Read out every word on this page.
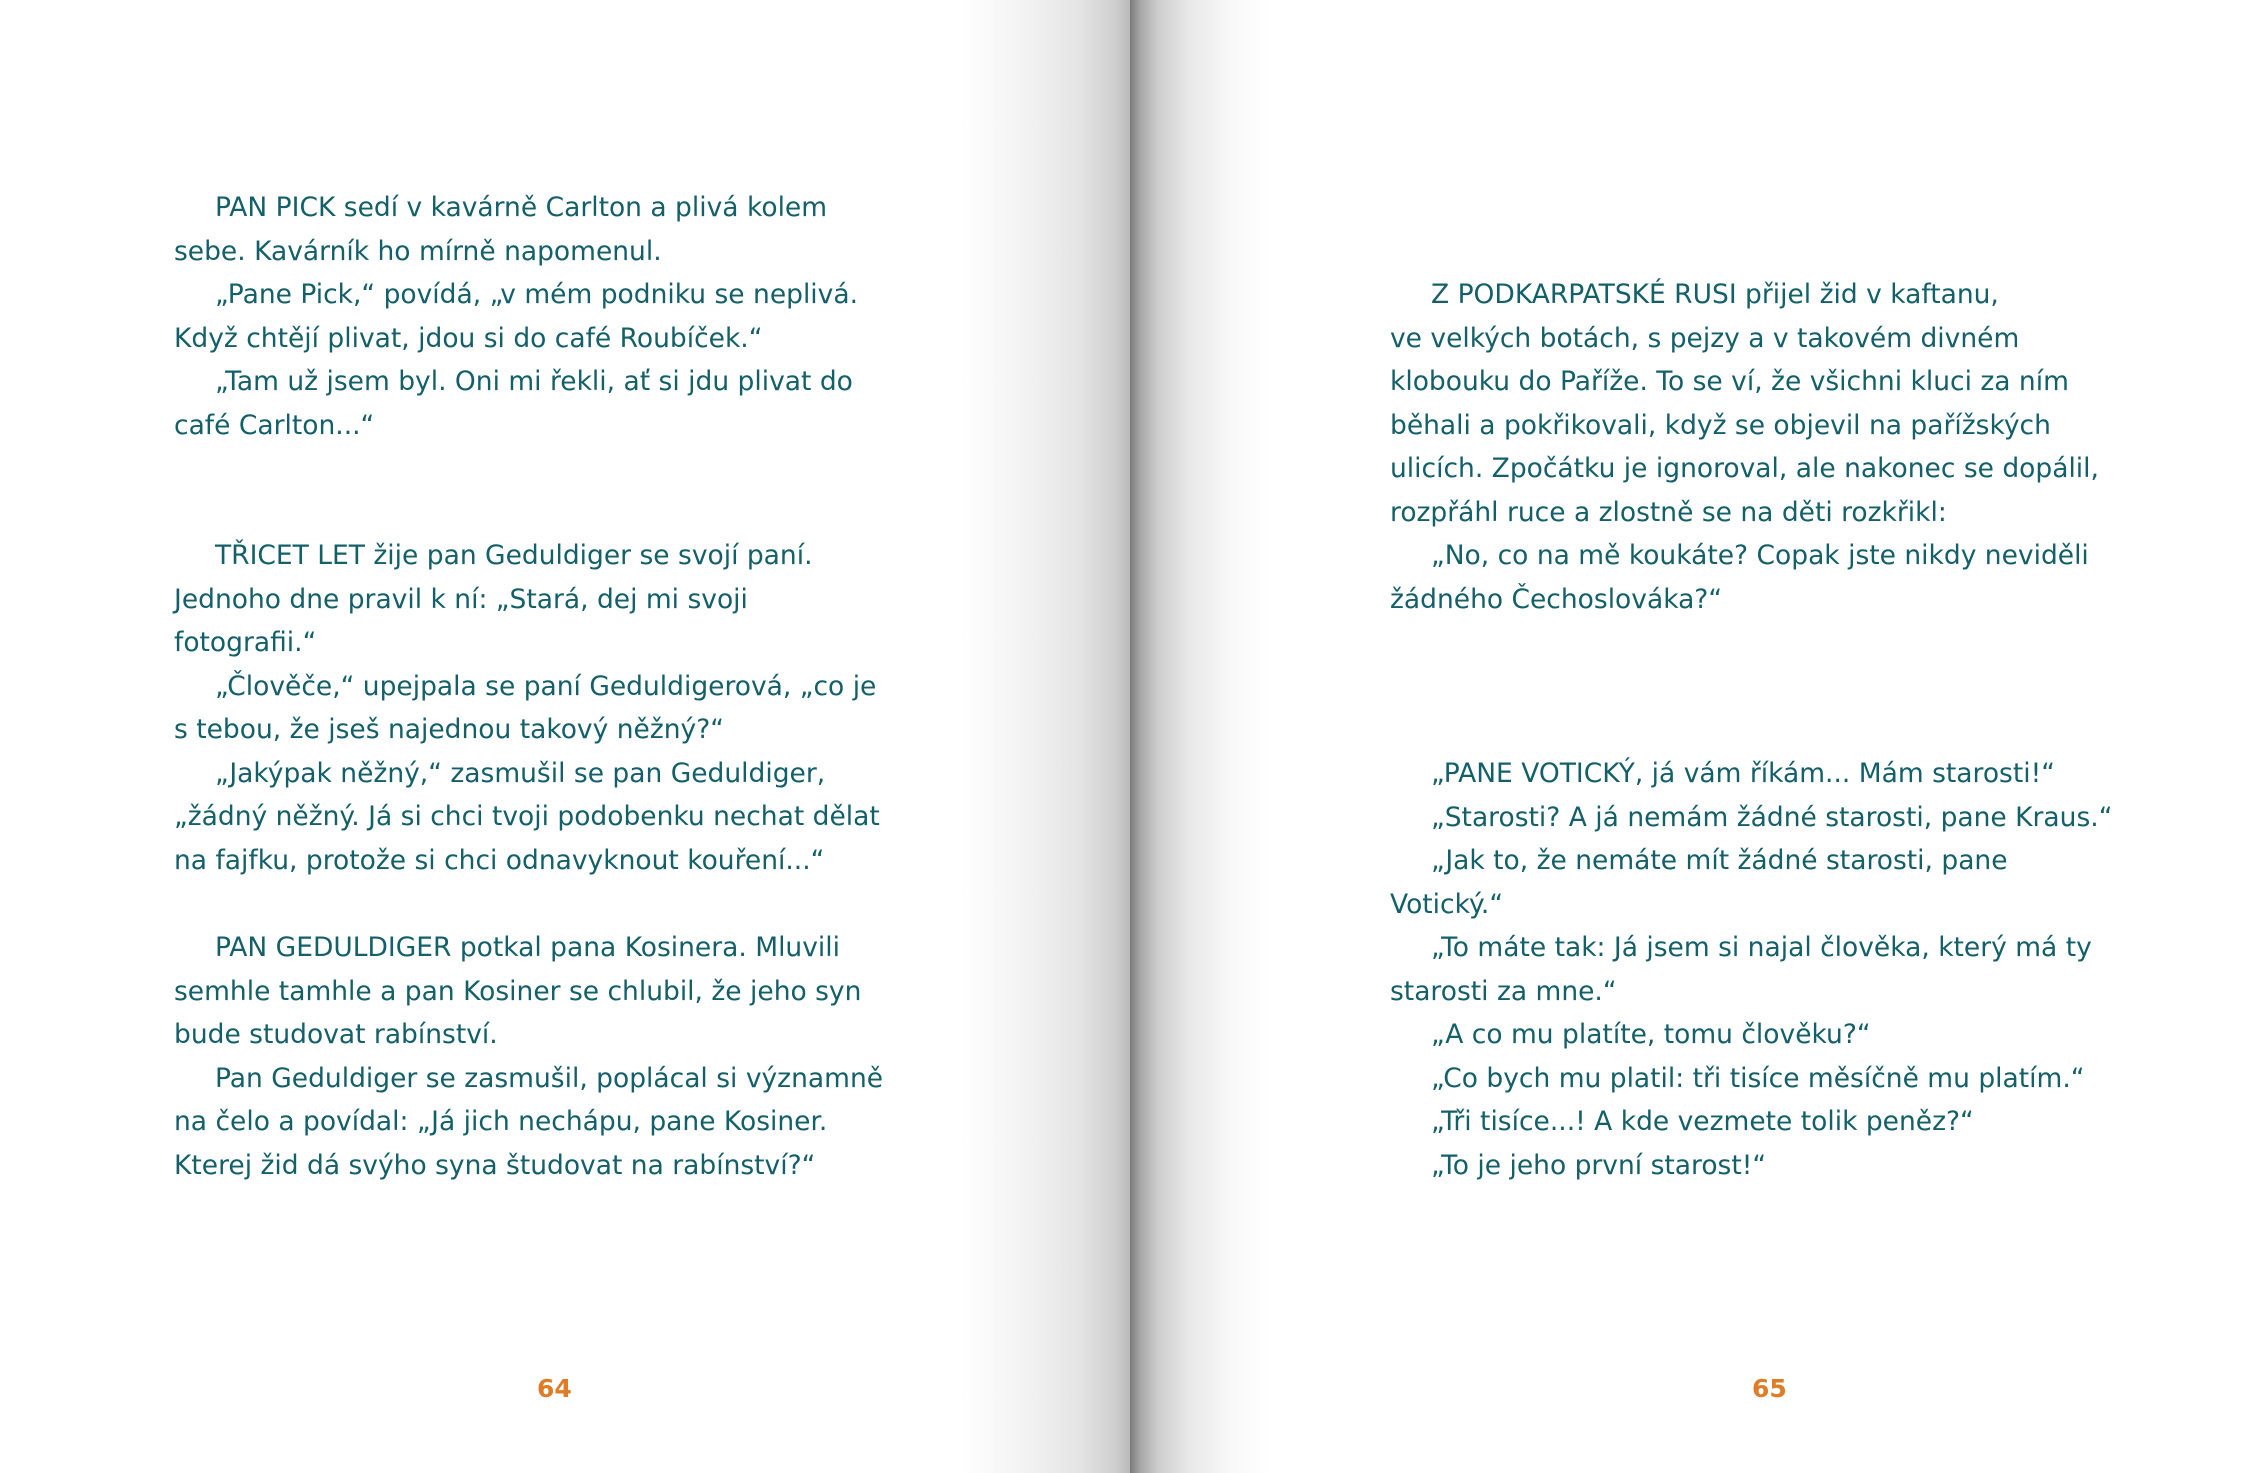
PAN PICK sedí v kavárně Carlton a plivá kolem
sebe. Kavárník ho mírně napomenul.
„Pane Pick,“ povídá, „v mém podniku se neplivá.
Když chtějí plivat, jdou si do café Roubíček.“
„Tam už jsem byl. Oni mi řekli, ať si jdu plivat do
café Carlton...“
TŘICET LET žije pan Geduldiger se svojí paní.
Jednoho dne pravil k ní: „Stará, dej mi svoji
fotografii.“
„Člověče,“ upejpala se paní Geduldigerová, „co je
s tebou, že jseš najednou takový něžný?“
„Jakýpak něžný,“ zasmušil se pan Geduldiger,
„žádný něžný. Já si chci tvoji podobenku nechat dělat
na fajfku, protože si chci odnavyknout kouření...“
PAN GEDULDIGER potkal pana Kosinera. Mluvili
semhle tamhle a pan Kosiner se chlubil, že jeho syn
bude studovat rabínství.
Pan Geduldiger se zasmušil, poplácal si významně
na čelo a povídal: „Já jich nechápu, pane Kosiner.
Kterej žid dá svýho syna študovat na rabínství?“
64
Z PODKARPATSKÉ RUSI přijel žid v kaftanu,
ve velkých botách, s pejzy a v takovém divném
klobouku do Paříže. To se ví, že všichni kluci za ním
běhali a pokřikovali, když se objevil na pařížských
ulicích. Zpočátku je ignoroval, ale nakonec se dopálil,
rozpřáhl ruce a zlostně se na děti rozkřikl:
„No, co na mě koukáte? Copak jste nikdy neviděli
žádného Čechoslováka?“
„PANE VOTICKÝ, já vám říkám... Mám starosti!“
„Starosti? A já nemám žádné starosti, pane Kraus.“
„Jak to, že nemáte mít žádné starosti, pane
Votický.“
„To máte tak: Já jsem si najal člověka, který má ty
starosti za mne.“
„A co mu platíte, tomu člověku?“
„Co bych mu platil: tři tisíce měsíčně mu platím.“
„Tři tisíce...! A kde vezmete tolik peněz?“
„To je jeho první starost!“
65
